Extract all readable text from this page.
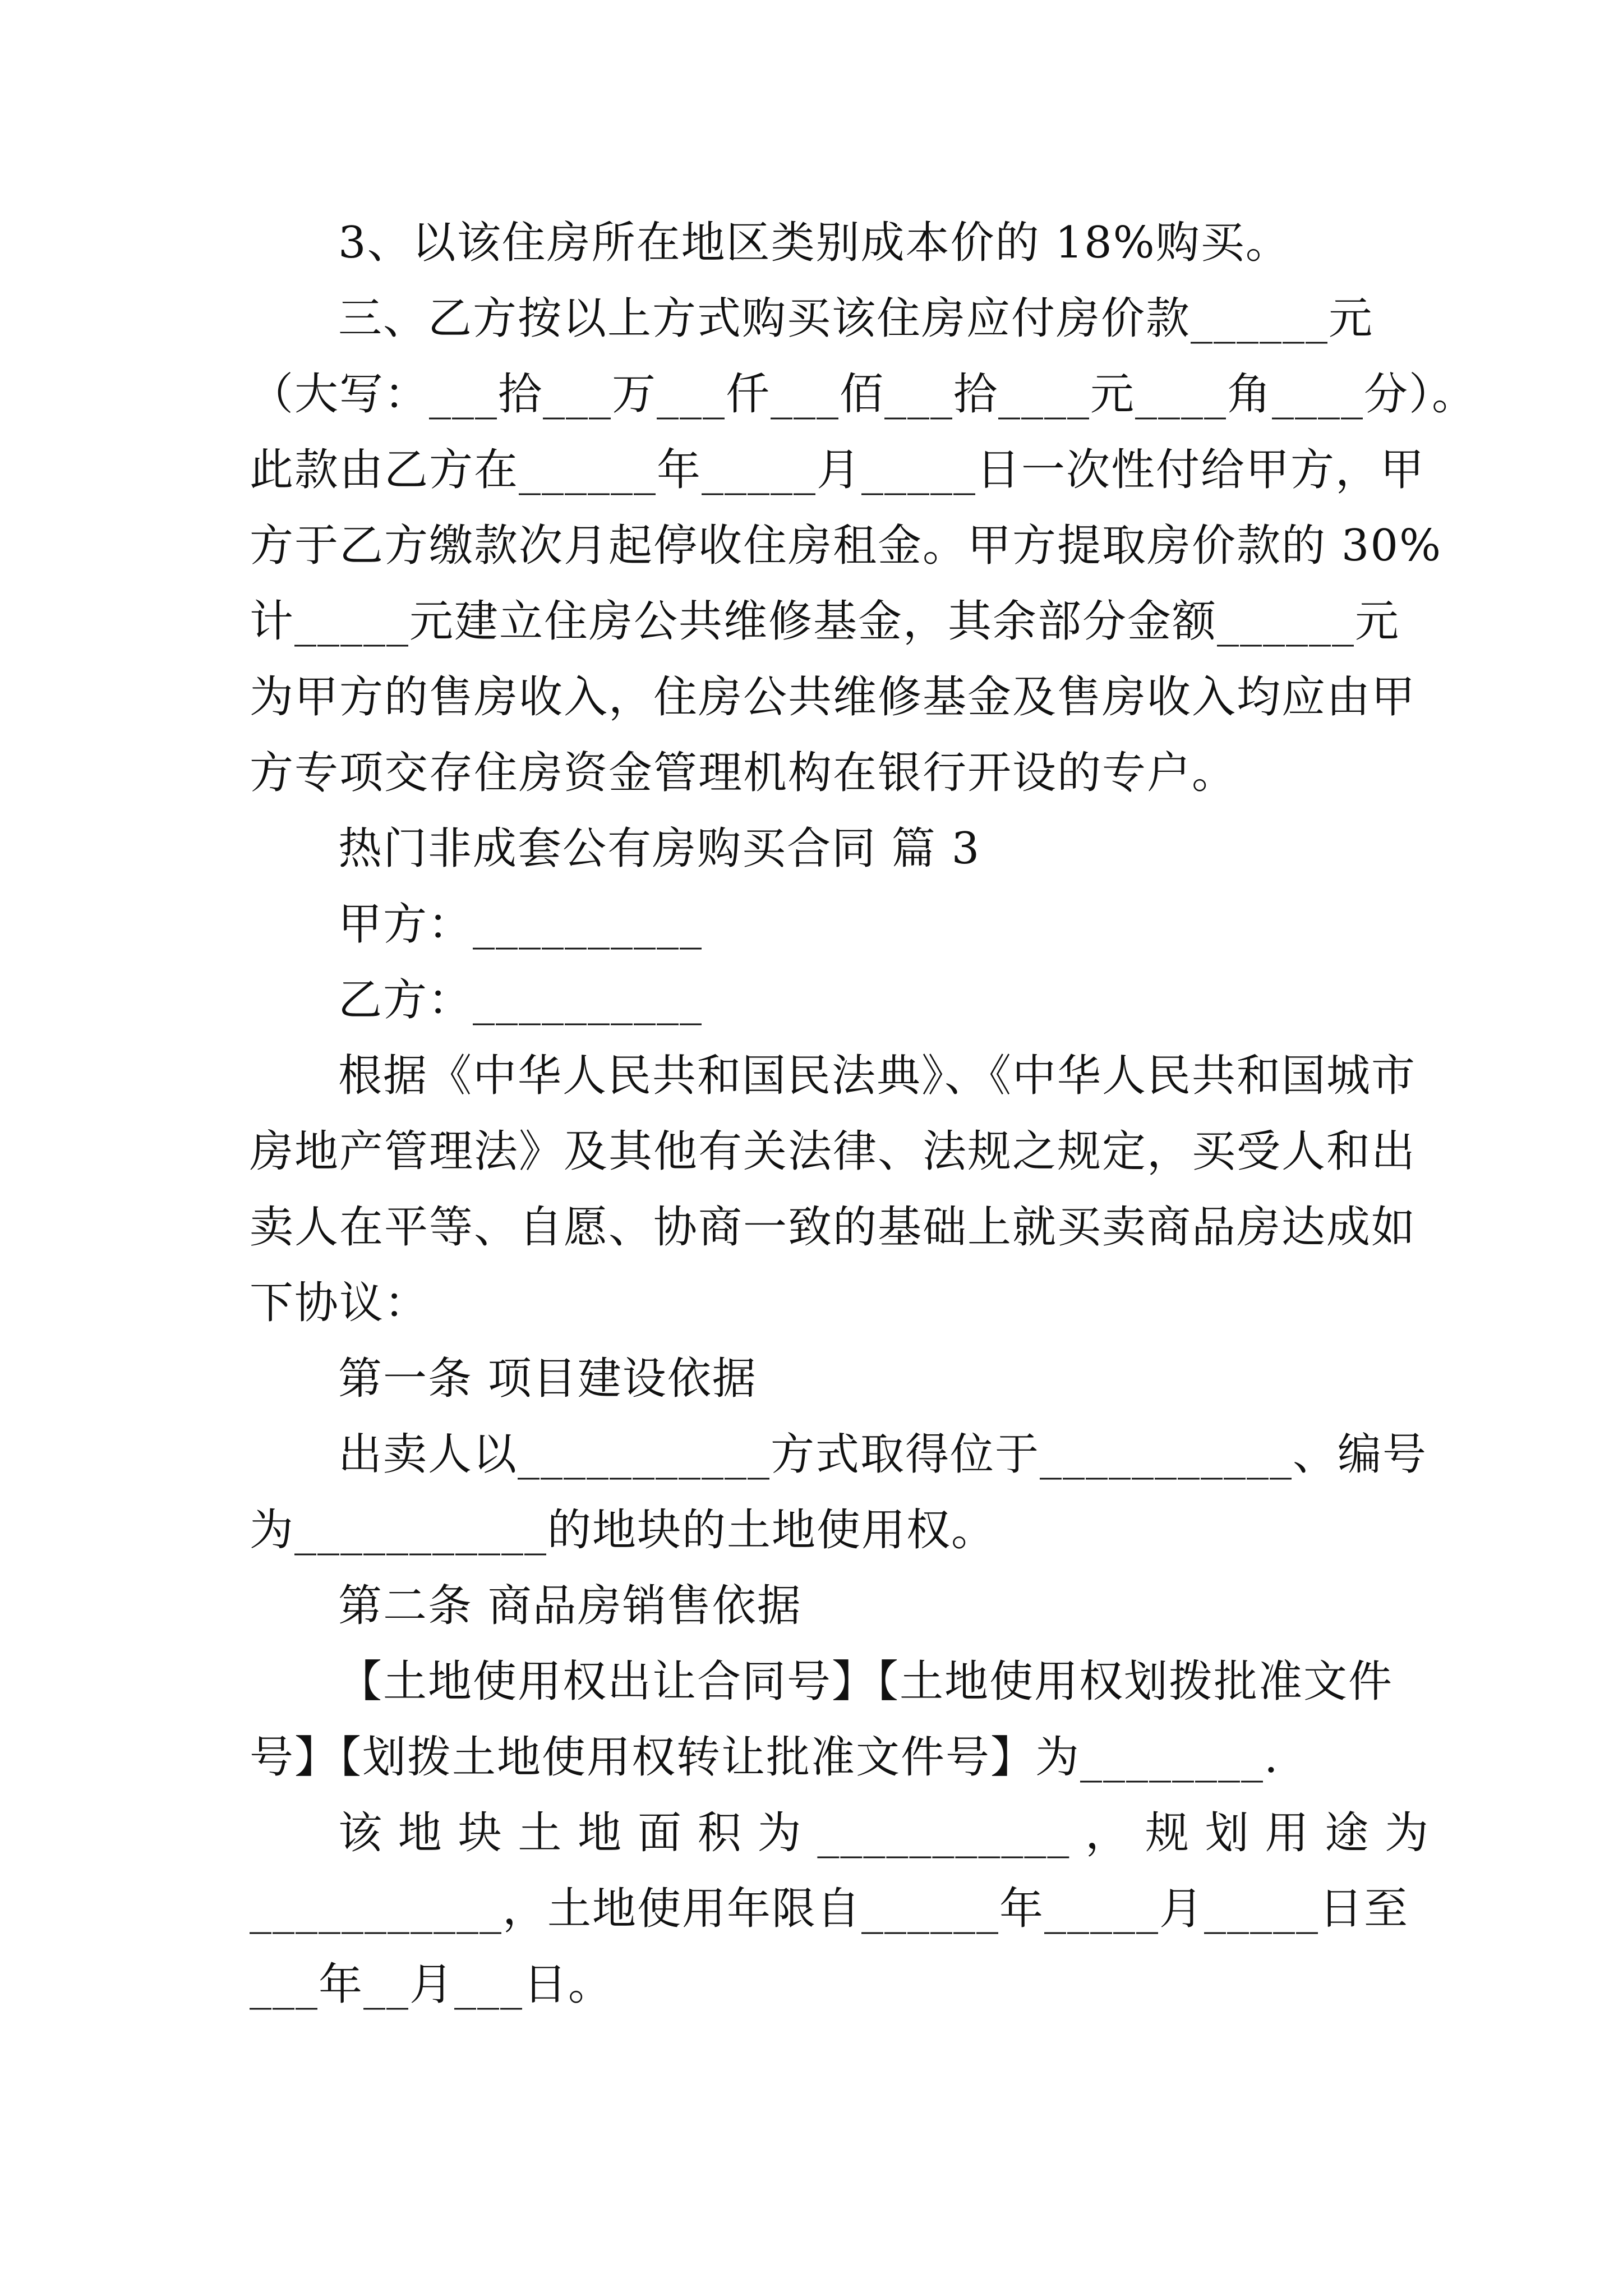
3、以该住房所在地区类别成本价的 18%购买。
三、乙方按以上方式购买该住房应付房价款______元
（大写：___拾___万___仟___佰___拾____元____角____分）。
此款由乙方在______年_____月_____日一次性付给甲方，甲
方于乙方缴款次月起停收住房租金。甲方提取房价款的 30%
计_____元建立住房公共维修基金，其余部分金额______元
为甲方的售房收入，住房公共维修基金及售房收入均应由甲
方专项交存住房资金管理机构在银行开设的专户。
热门非成套公有房购买合同 篇 3
甲方：__________
乙方：__________
根据《中华人民共和国民法典》、《中华人民共和国城市
房地产管理法》及其他有关法律、法规之规定，买受人和出
卖人在平等、自愿、协商一致的基础上就买卖商品房达成如
下协议：
第一条 项目建设依据
出卖人以___________方式取得位于___________、编号
为___________的地块的土地使用权。
第二条 商品房销售依据
【土地使用权出让合同号】【土地使用权划拨批准文件
号】【划拨土地使用权转让批准文件号】为________.
该 地 块 土 地 面 积 为 ___________ ， 规 划 用 途 为
___________，土地使用年限自______年_____月_____日至
___年__月___日。
